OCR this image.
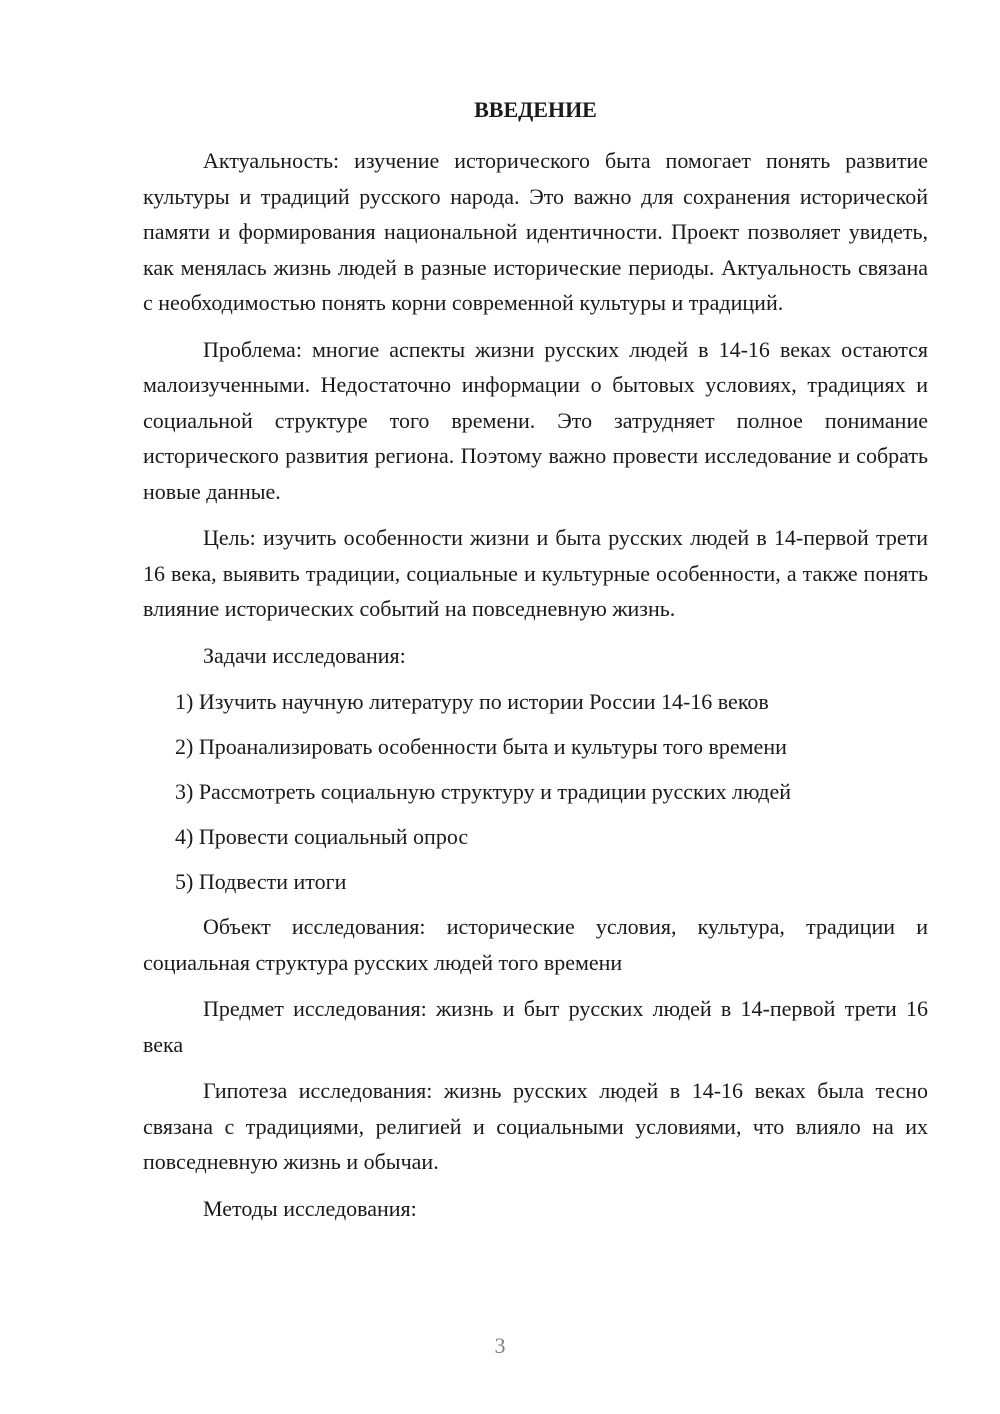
ВВЕДЕНИЕ

Актуальность: изучение исторического быта помогает понять развитие культуры и традиций русского народа. Это важно для сохранения исторической памяти и формирования национальной идентичности. Проект позволяет увидеть, как менялась жизнь людей в разные исторические периоды. Актуальность связана с необходимостью понять корни современной культуры и традиций.

Проблема: многие аспекты жизни русских людей в 14-16 веках остаются малоизученными. Недостаточно информации о бытовых условиях, традициях и социальной структуре того времени. Это затрудняет полное понимание исторического развития региона. Поэтому важно провести исследование и собрать новые данные.

Цель: изучить особенности жизни и быта русских людей в 14-первой трети 16 века, выявить традиции, социальные и культурные особенности, а также понять влияние исторических событий на повседневную жизнь.

Задачи исследования:

1) Изучить научную литературу по истории России 14-16 веков
2) Проанализировать особенности быта и культуры того времени
3) Рассмотреть социальную структуру и традиции русских людей
4) Провести социальный опрос
5) Подвести итоги

Объект исследования: исторические условия, культура, традиции и социальная структура русских людей того времени

Предмет исследования: жизнь и быт русских людей в 14-первой трети 16 века

Гипотеза исследования: жизнь русских людей в 14-16 веках была тесно связана с традициями, религией и социальными условиями, что влияло на их повседневную жизнь и обычаи.

Методы исследования:

3
